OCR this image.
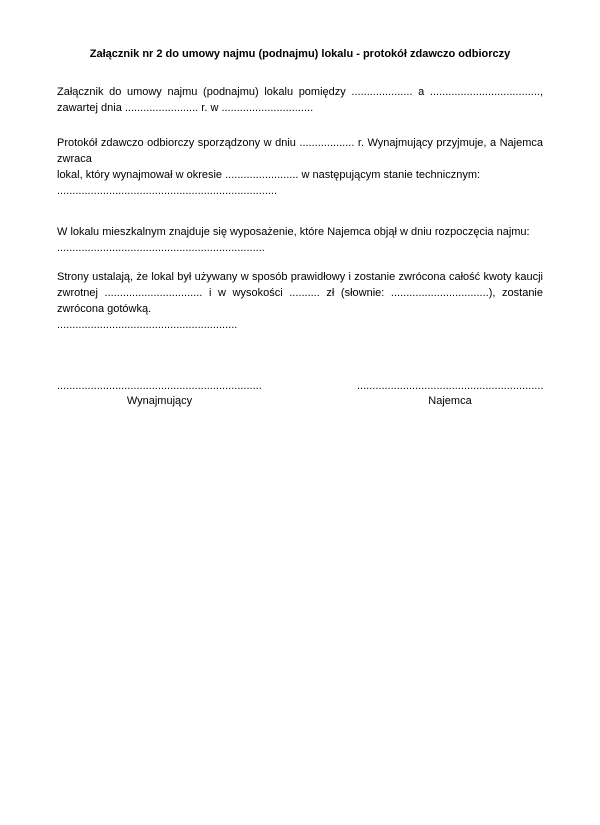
Załącznik nr 2 do umowy najmu (podnajmu) lokalu - protokół zdawczo odbiorczy
Załącznik do umowy najmu (podnajmu) lokalu pomiędzy .................... a ....................................,
zawartej dnia ........................ r. w ..............................
Protokół zdawczo odbiorczy sporządzony w dniu .................. r. Wynajmujący przyjmuje, a Najemca zwraca
lokal, który wynajmował w okresie ........................ w następującym stanie technicznym:
........................................................................
W lokalu mieszkalnym znajduje się wyposażenie, które Najemca objął w dniu rozpoczęcia najmu:
....................................................................
Strony ustalają, że lokal był używany w sposób prawidłowy i zostanie zwrócona całość kwoty kaucji
zwrotnej ................................ i w wysokości .......... zł (słownie: ................................), zostanie
zwrócona gotówką.
...........................................................
...................................................................
Wynajmujący
.............................................................
Najemca
